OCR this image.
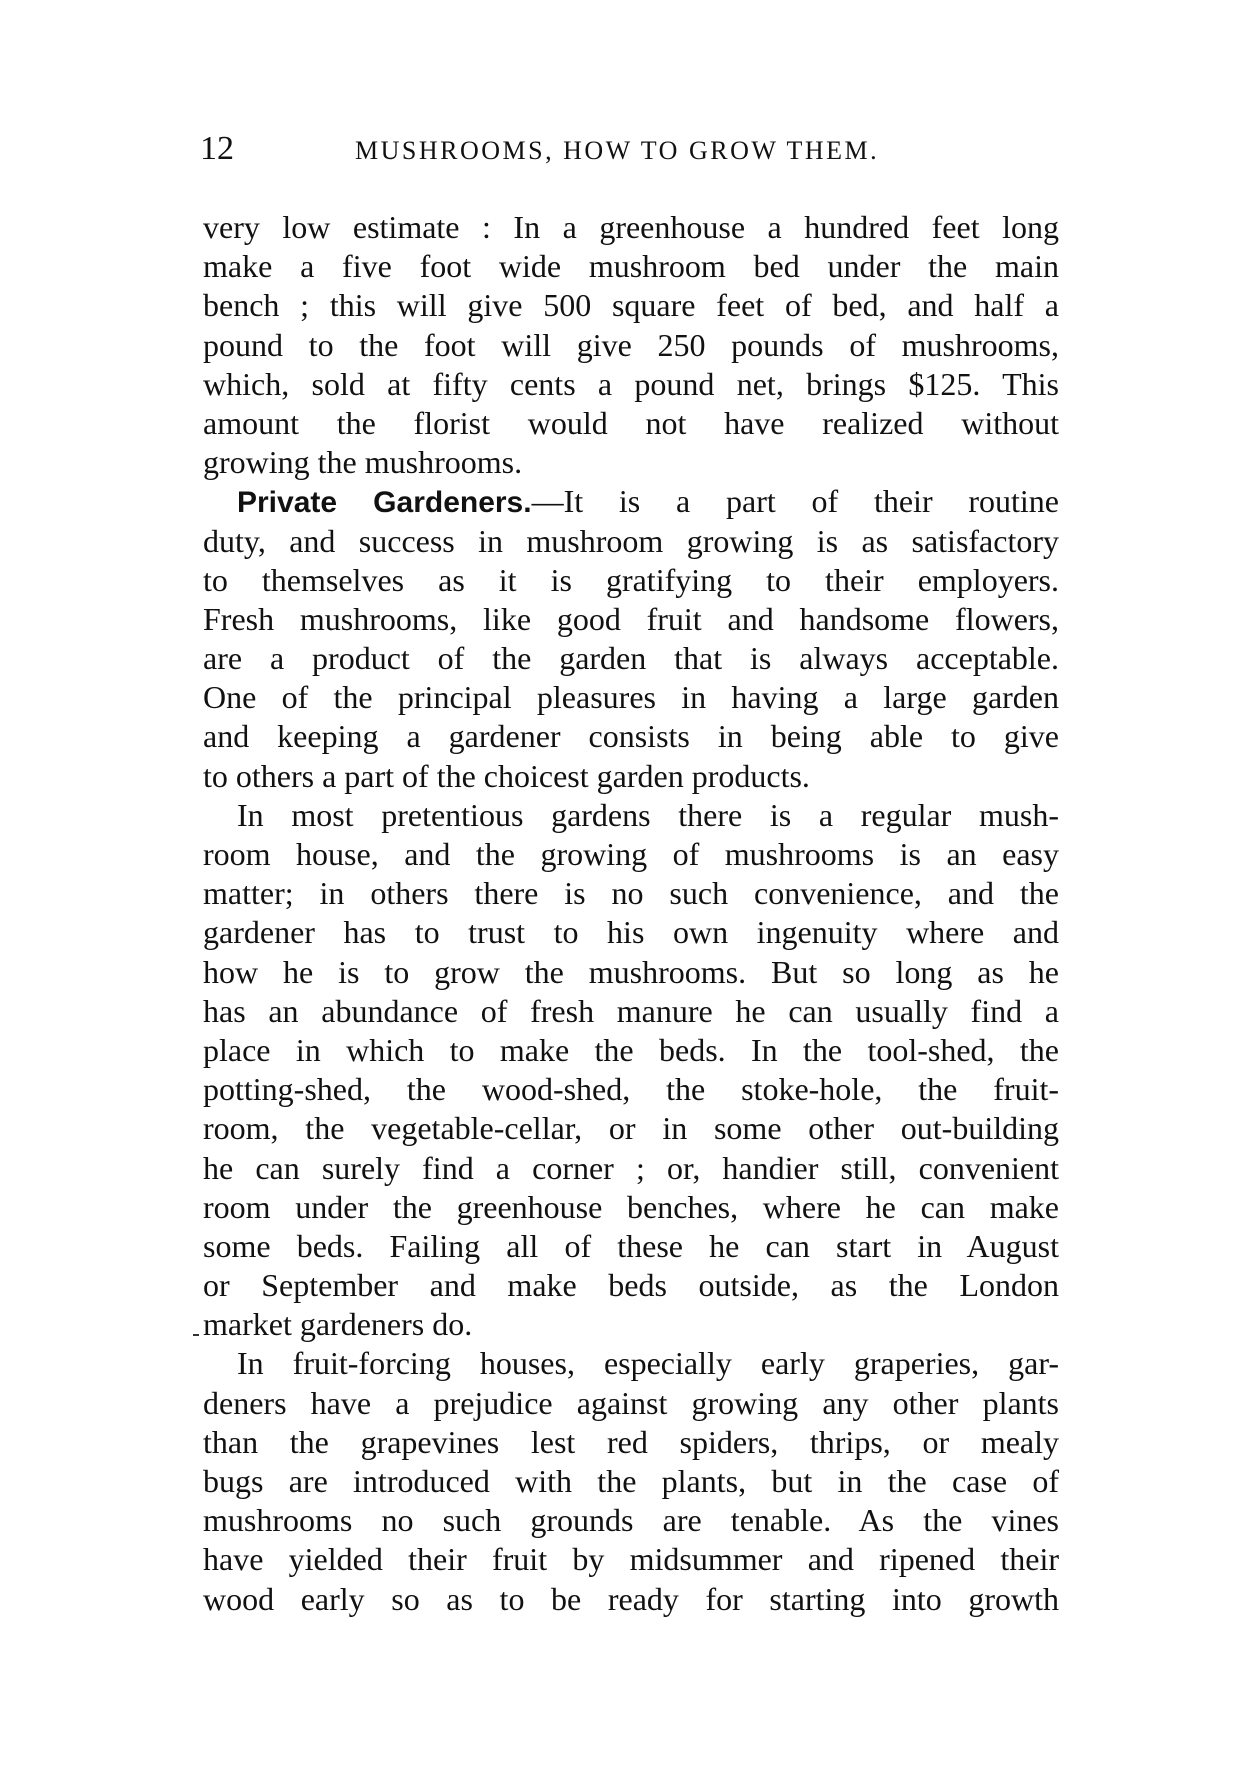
12	MUSHROOMS, HOW TO GROW THEM.
very low estimate : In a greenhouse a hundred feet long
make a five foot wide mushroom bed under the main
bench ; this will give 500 square feet of bed, and half a
pound to the foot will give 250 pounds of mushrooms,
which, sold at fifty cents a pound net, brings $125. This
amount the florist would not have realized without
growing the mushrooms.
Private Gardeners.—It is a part of their routine
duty, and success in mushroom growing is as satisfactory
to themselves as it is gratifying to their employers.
Fresh mushrooms, like good fruit and handsome flowers,
are a product of the garden that is always acceptable.
One of the principal pleasures in having a large garden
and keeping a gardener consists in being able to give
to others a part of the choicest garden products.
In most pretentious gardens there is a regular mush-
room house, and the growing of mushrooms is an easy
matter; in others there is no such convenience, and the
gardener has to trust to his own ingenuity where and
how he is to grow the mushrooms. But so long as he
has an abundance of fresh manure he can usually find a
place in which to make the beds. In the tool-shed, the
potting-shed, the wood-shed, the stoke-hole, the fruit-
room, the vegetable-cellar, or in some other out-building
he can surely find a corner ; or, handier still, convenient
room under the greenhouse benches, where he can make
some beds. Failing all of these he can start in August
or September and make beds outside, as the London
market gardeners do.
In fruit-forcing houses, especially early graperies, gar-
deners have a prejudice against growing any other plants
than the grapevines lest red spiders, thrips, or mealy
bugs are introduced with the plants, but in the case of
mushrooms no such grounds are tenable. As the vines
have yielded their fruit by midsummer and ripened their
wood early so as to be ready for starting into growth
